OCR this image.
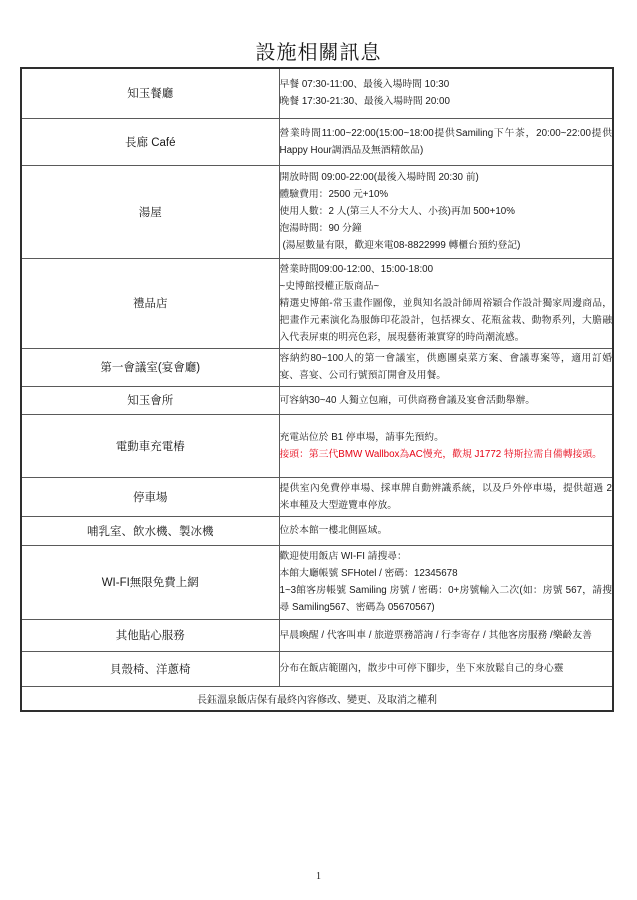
設施相關訊息
知玉餐廳	早餐 07:30-11:00、最後入場時間 10:30
晚餐 17:30-21:30、最後入場時間 20:00

長廊 Café	營業時間11:00~22:00(15:00~18:00提供Samiling下午茶，20:00~22:00提供Happy Hour調酒品及無酒精飲品)

湯屋	開放時間 09:00-22:00(最後入場時間 20:30 前)
體驗費用：2500 元+10%
使用人數：2 人(第三人不分大人、小孩)再加 500+10%
泡湯時間：90 分鐘
(湯屋數量有限，歡迎來電08-8822999 轉櫃台預約登記)

禮品店	營業時間09:00-12:00、15:00-18:00
~史博館授權正版商品~
精選史博館-常玉畫作圖像，並與知名設計師周裕穎合作設計獨家周邊商品，把畫作元素演化為服飾印花設計，包括裸女、花瓶盆栽、動物系列，大膽融入代表屏東的明亮色彩，展現藝術兼實穿的時尚潮流感。

第一會議室(宴會廳)	容納約80~100人的第一會議室，供應團桌菜方案、會議專案等，適用訂婚宴、喜宴、公司行號預訂開會及用餐。

知玉會所	可容納30~40 人獨立包廂，可供商務會議及宴會活動舉辦。

電動車充電樁	充電站位於 B1 停車場，請事先預約。
接頭：第三代BMW Wallbox為AC慢充，歡規 J1772 特斯拉需自備轉接頭。

停車場	提供室內免費停車場、採車牌自動辨識系統，以及戶外停車場，提供超過 2 米車種及大型遊覽車停放。

哺乳室、飲水機、製冰機	位於本館一樓北側區域。

WI-FI無限免費上網	歡迎使用飯店 WI-FI 請搜尋：
本館大廳帳號 SFHotel / 密碼：12345678
1~3館客房帳號 Samiling 房號 / 密碼：0+房號輸入二次(如：房號 567，請搜尋 Samiling567、密碼為 05670567)

其他貼心服務	早晨喚醒 / 代客叫車 / 旅遊票務諮詢 / 行李寄存 / 其他客房服務 /樂齡友善

貝殼椅、洋蔥椅	分布在飯店範圍內，散步中可停下腳步，坐下來放鬆自己的身心靈

長鈺溫泉飯店保有最終內容修改、變更、及取消之權利	
1
